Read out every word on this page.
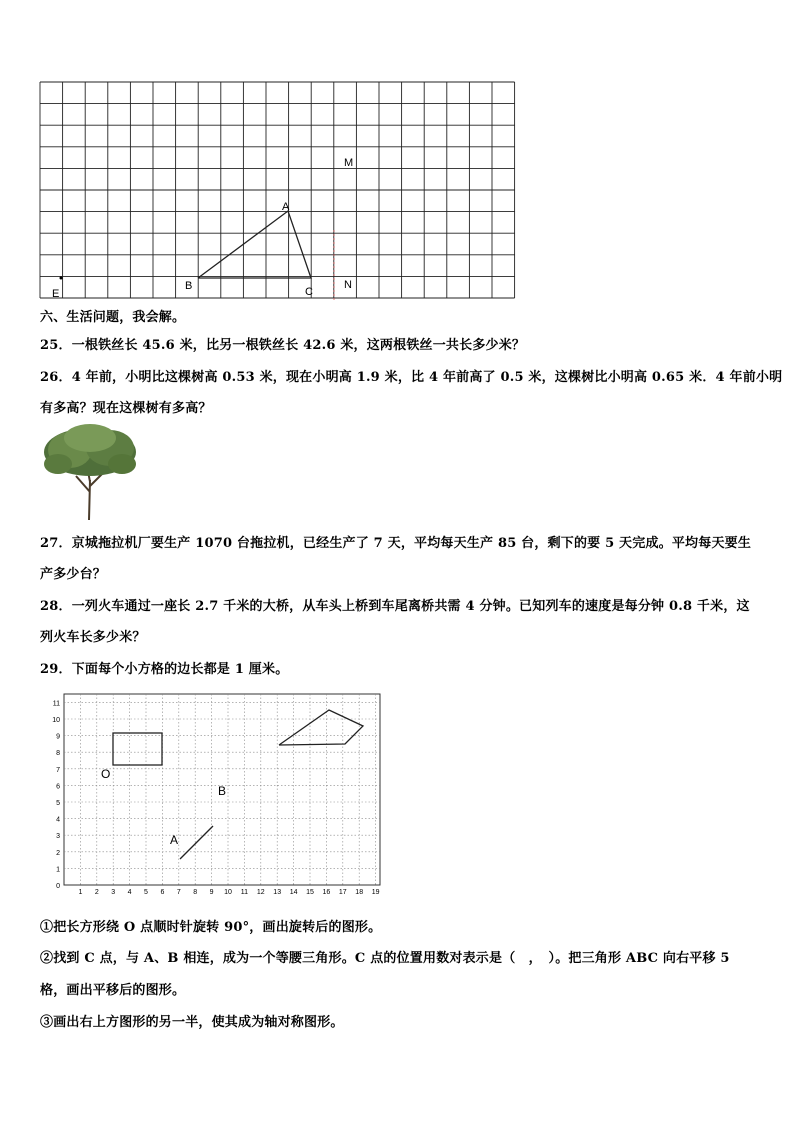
M
A
B	C
N
E
六、生活问题，我会解。
25．一根铁丝长 45.6 米，比另一根铁丝长 42.6 米，这两根铁丝一共长多少米？
26．4 年前，小明比这棵树高 0.53 米，现在小明高 1.9 米，比 4 年前高了 0.5 米，这棵树比小明高 0.65 米．4 年前小明
有多高？现在这棵树有多高？
27．京城拖拉机厂要生产 1070 台拖拉机，已经生产了 7 天，平均每天生产 85 台，剩下的要 5 天完成。平均每天要生
产多少台？
28．一列火车通过一座长 2.7 千米的大桥，从车头上桥到车尾离桥共需 4 分钟。已知列车的速度是每分钟 0.8 千米，这
列火车长多少米？
29．下面每个小方格的边长都是 1 厘米。
1 2 3 4 5 6 7 8 9 10 11 12 13 14 15 16 17 18 19
0
1
2
3
4
5
6
7
8
9
10
11
O
A
B
①把长方形绕 O 点顺时针旋转 90°，画出旋转后的图形。
②找到 C 点，与 A、B 相连，成为一个等腰三角形。C 点的位置用数对表示是（　，　）。把三角形 ABC 向右平移 5
格，画出平移后的图形。
③画出右上方图形的另一半，使其成为轴对称图形。
